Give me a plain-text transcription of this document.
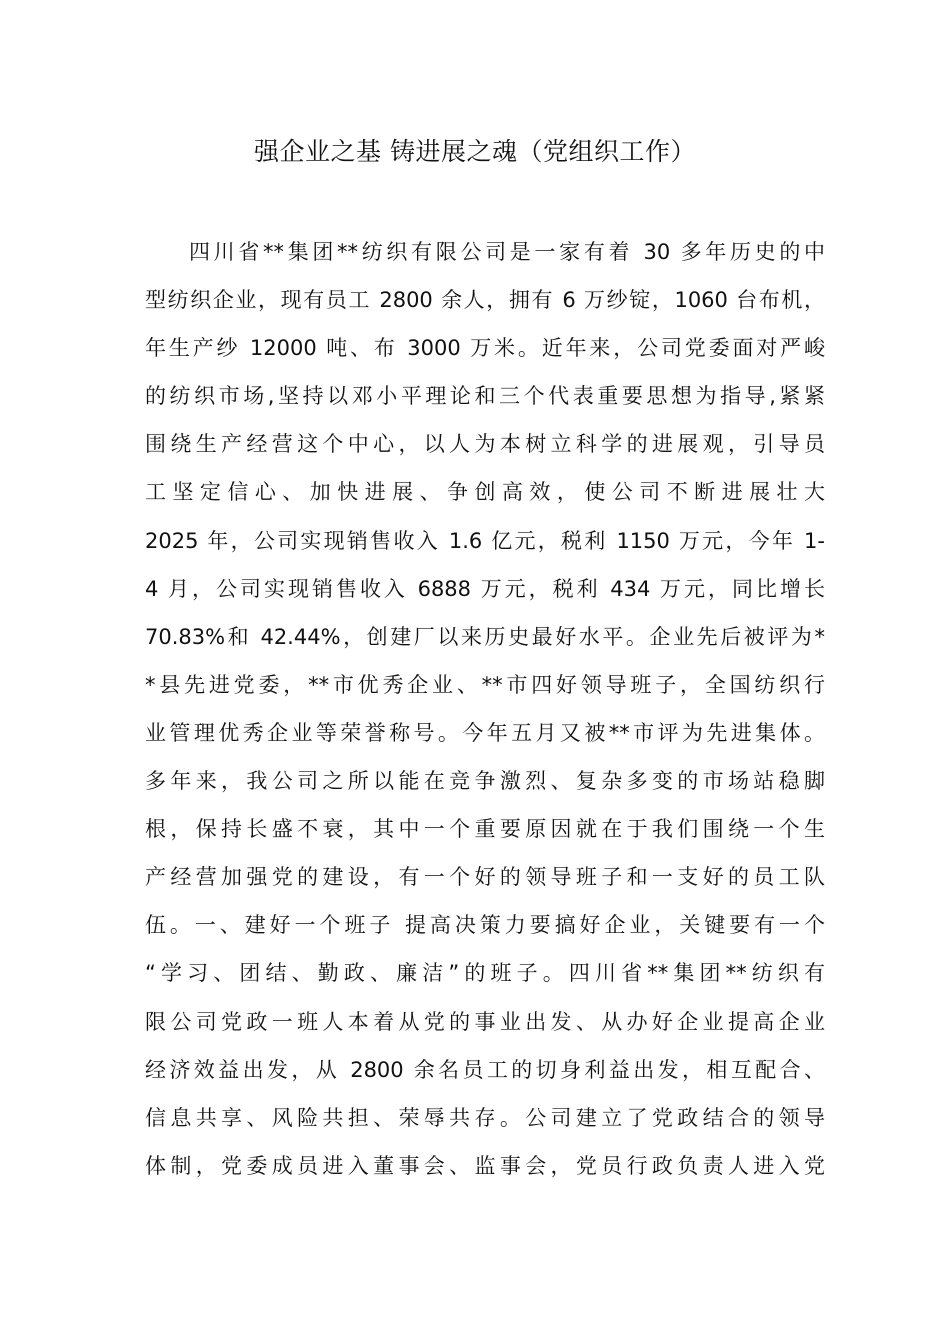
强企业之基 铸进展之魂（党组织工作）
四川省**集团**纺织有限公司是一家有着 30 多年历史的中
型纺织企业，现有员工 2800 余人，拥有 6 万纱锭，1060 台布机，
年生产纱 12000 吨、布 3000 万米。近年来，公司党委面对严峻
的纺织市场,坚持以邓小平理论和三个代表重要思想为指导,紧紧
围绕生产经营这个中心，以人为本树立科学的进展观，引导员
工坚定信心、加快进展、争创高效，使公司不断进展壮大
2025 年，公司实现销售收入 1.6 亿元，税利 1150 万元，今年 1-
4 月，公司实现销售收入 6888 万元，税利 434 万元，同比增长
70.83%和 42.44%，创建厂以来历史最好水平。企业先后被评为*
*县先进党委，**市优秀企业、**市四好领导班子，全国纺织行
业管理优秀企业等荣誉称号。今年五月又被**市评为先进集体。
多年来，我公司之所以能在竞争激烈、复杂多变的市场站稳脚
根，保持长盛不衰，其中一个重要原因就在于我们围绕一个生
产经营加强党的建设，有一个好的领导班子和一支好的员工队
伍。一、建好一个班子 提高决策力要搞好企业，关键要有一个
“学习、团结、勤政、廉洁”的班子。四川省**集团**纺织有
限公司党政一班人本着从党的事业出发、从办好企业提高企业
经济效益出发，从 2800 余名员工的切身利益出发，相互配合、
信息共享、风险共担、荣辱共存。公司建立了党政结合的领导
体制，党委成员进入董事会、监事会，党员行政负责人进入党
